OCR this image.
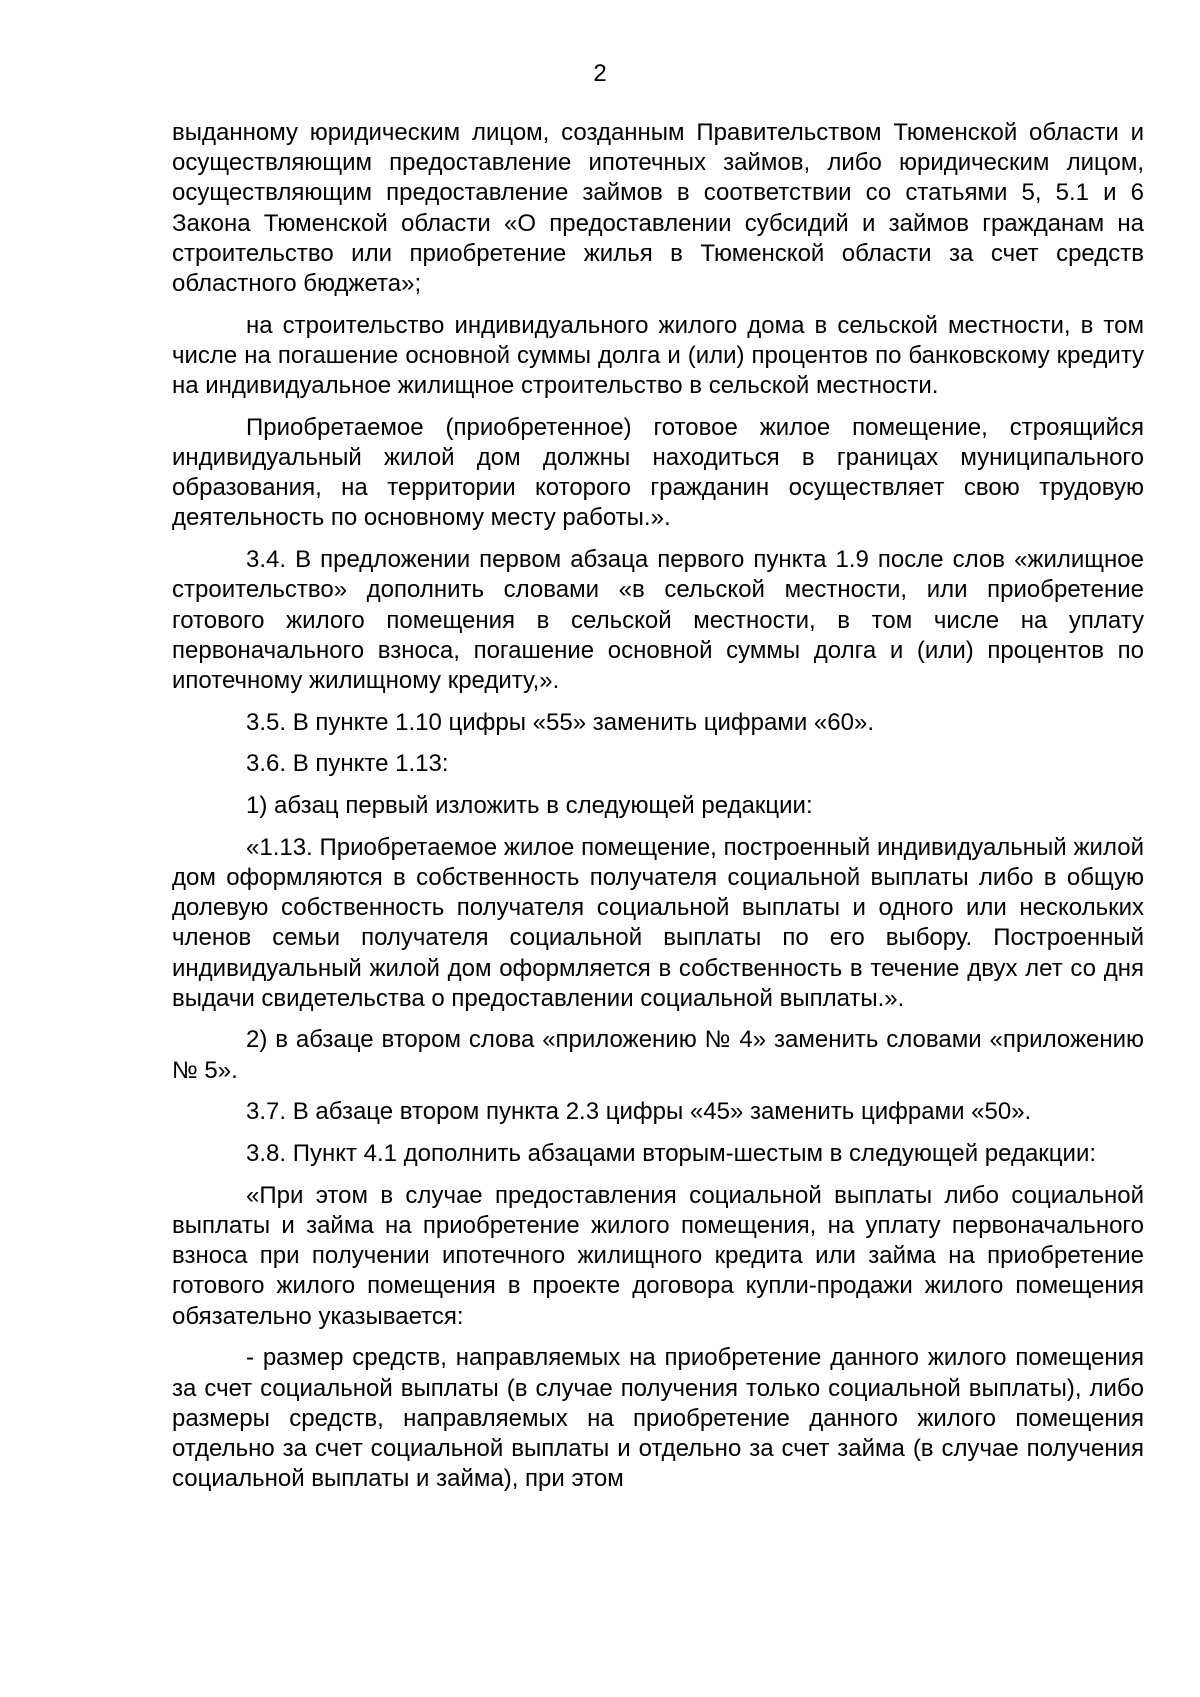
2

выданному юридическим лицом, созданным Правительством Тюменской области и осуществляющим предоставление ипотечных займов, либо юридическим лицом, осуществляющим предоставление займов в соответствии со статьями 5, 5.1 и 6 Закона Тюменской области «О предоставлении субсидий и займов гражданам на строительство или приобретение жилья в Тюменской области за счет средств областного бюджета»;

на строительство индивидуального жилого дома в сельской местности, в том числе на погашение основной суммы долга и (или) процентов по банковскому кредиту на индивидуальное жилищное строительство в сельской местности.

Приобретаемое (приобретенное) готовое жилое помещение, строящийся индивидуальный жилой дом должны находиться в границах муниципального образования, на территории которого гражданин осуществляет свою трудовую деятельность по основному месту работы.».

3.4. В предложении первом абзаца первого пункта 1.9 после слов «жилищное строительство» дополнить словами «в сельской местности, или приобретение готового жилого помещения в сельской местности, в том числе на уплату первоначального взноса, погашение основной суммы долга и (или) процентов по ипотечному жилищному кредиту,».

3.5. В пункте 1.10 цифры «55» заменить цифрами «60».

3.6. В пункте 1.13:

1) абзац первый изложить в следующей редакции:

«1.13. Приобретаемое жилое помещение, построенный индивидуальный жилой дом оформляются в собственность получателя социальной выплаты либо в общую долевую собственность получателя социальной выплаты и одного или нескольких членов семьи получателя социальной выплаты по его выбору. Построенный индивидуальный жилой дом оформляется в собственность в течение двух лет со дня выдачи свидетельства о предоставлении социальной выплаты.».

2) в абзаце втором слова «приложению № 4» заменить словами «приложению № 5».

3.7. В абзаце втором пункта 2.3 цифры «45» заменить цифрами «50».

3.8. Пункт 4.1 дополнить абзацами вторым-шестым в следующей редакции:

«При этом в случае предоставления социальной выплаты либо социальной выплаты и займа на приобретение жилого помещения, на уплату первоначального взноса при получении ипотечного жилищного кредита или займа на приобретение готового жилого помещения в проекте договора купли-продажи жилого помещения обязательно указывается:

- размер средств, направляемых на приобретение данного жилого помещения за счет социальной выплаты (в случае получения только социальной выплаты), либо размеры средств, направляемых на приобретение данного жилого помещения отдельно за счет социальной выплаты и отдельно за счет займа (в случае получения социальной выплаты и займа), при этом
